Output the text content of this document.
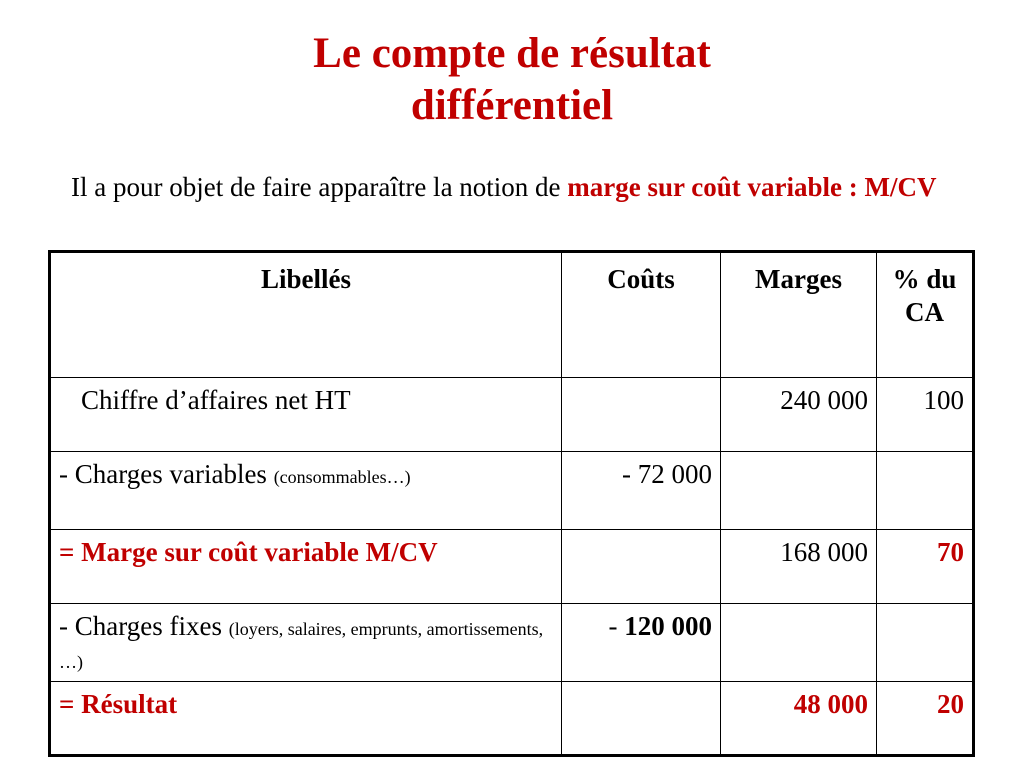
Le compte de résultat
différentiel
Il a pour objet de faire apparaître la notion de marge sur coût variable : M/CV
Libellés	Coûts	Marges	% du CA
Chiffre d’affaires net HT		240 000	100
- Charges variables (consommables…)	- 72 000		
= Marge sur coût variable M/CV		168 000	70
- Charges fixes (loyers, salaires, emprunts, amortissements, …)	- 120 000		
= Résultat		48 000	20
